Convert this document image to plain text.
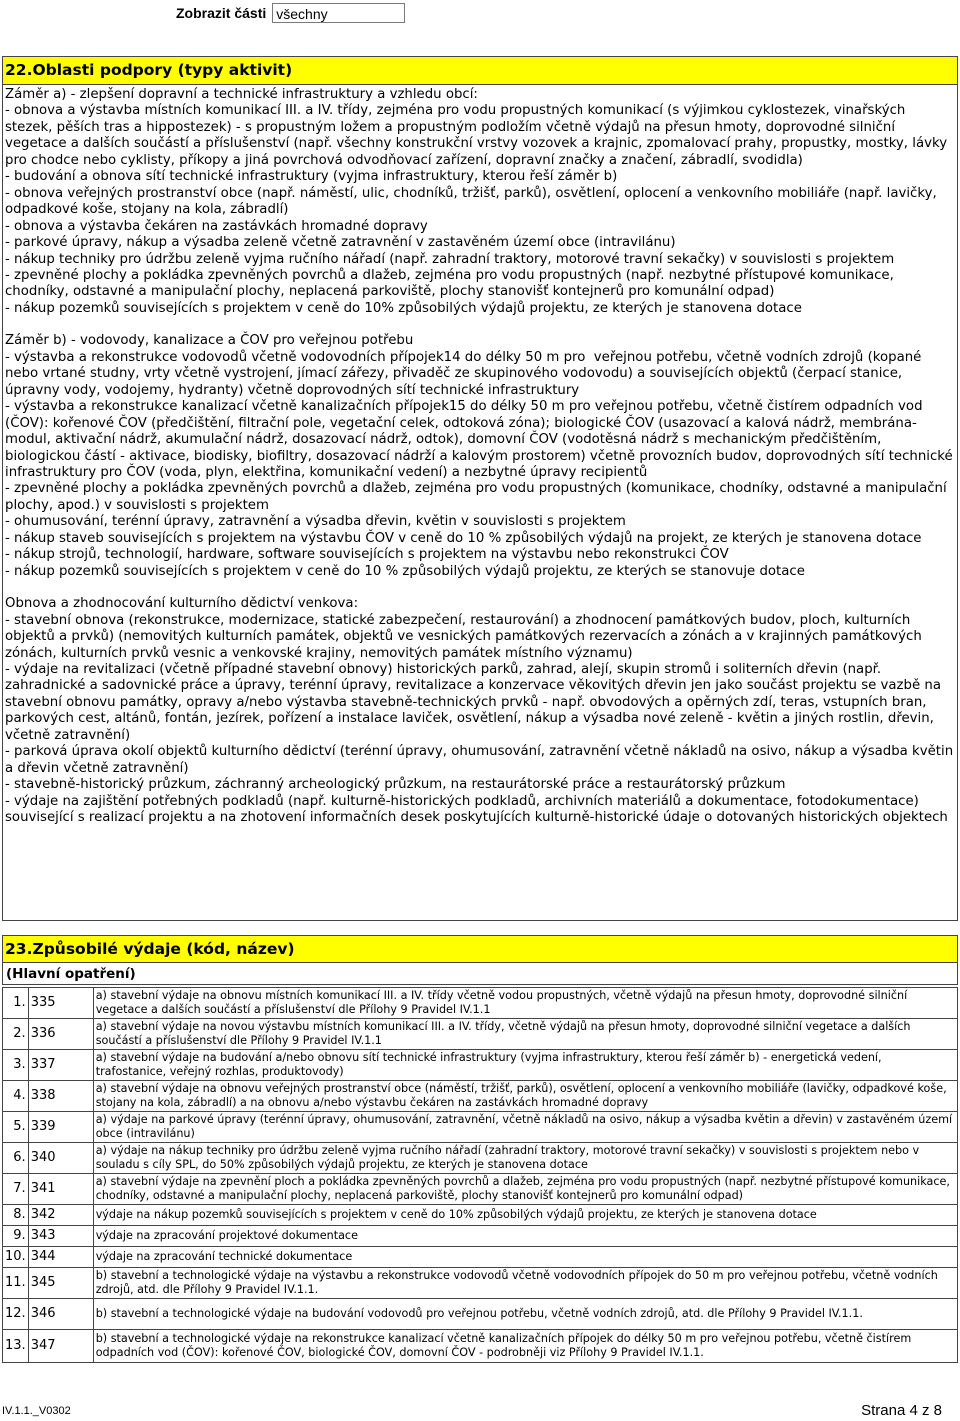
Zobrazit části všechny
22.Oblasti podpory (typy aktivit)

Záměr a) - zlepšení dopravní a technické infrastruktury a vzhledu obcí:
- obnova a výstavba místních komunikací III. a IV. třídy, zejména pro vodu propustných komunikací (s výjimkou cyklostezek, vinařských stezek, pěších tras a hippostezek) - s propustným ložem a propustným podložím včetně výdajů na přesun hmoty, doprovodné silniční vegetace a dalších součástí a příslušenství (např. všechny konstrukční vrstvy vozovek a krajnic, zpomalovací prahy, propustky, mostky, lávky pro chodce nebo cyklisty, příkopy a jiná povrchová odvodňovací zařízení, dopravní značky a značení, zábradlí, svodidla)
- budování a obnova sítí technické infrastruktury (vyjma infrastruktury, kterou řeší záměr b)
- obnova veřejných prostranství obce (např. náměstí, ulic, chodníků, tržišť, parků), osvětlení, oplocení a venkovního mobiliáře (např. lavičky, odpadkové koše, stojany na kola, zábradlí)
- obnova a výstavba čekáren na zastávkách hromadné dopravy
- parkové úpravy, nákup a výsadba zeleně včetně zatravnění v zastavěném území obce (intravilánu)
- nákup techniky pro údržbu zeleně vyjma ručního nářadí (např. zahradní traktory, motorové travní sekačky) v souvislosti s projektem
- zpevněné plochy a pokládka zpevněných povrchů a dlažeb, zejména pro vodu propustných (např. nezbytné přístupové komunikace, chodníky, odstavné a manipulační plochy, neplacená parkoviště, plochy stanovišť kontejnerů pro komunální odpad)
- nákup pozemků souvisejících s projektem v ceně do 10% způsobilých výdajů projektu, ze kterých je stanovena dotace

Záměr b) - vodovody, kanalizace a ČOV pro veřejnou potřebu
- výstavba a rekonstrukce vodovodů včetně vodovodních přípojek14 do délky 50 m pro  veřejnou potřebu, včetně vodních zdrojů (kopané nebo vrtané studny, vrty včetně vystrojení, jímací zářezy, přivaděč ze skupinového vodovodu) a souvisejících objektů (čerpací stanice, úpravny vody, vodojemy, hydranty) včetně doprovodných sítí technické infrastruktury
- výstavba a rekonstrukce kanalizací včetně kanalizačních přípojek15 do délky 50 m pro veřejnou potřebu, včetně čistírem odpadních vod (ČOV): kořenové ČOV (předčištění, filtrační pole, vegetační celek, odtoková zóna); biologické ČOV (usazovací a kalová nádrž, membrána-modul, aktivační nádrž, akumulační nádrž, dosazovací nádrž, odtok), domovní ČOV (vodotěsná nádrž s mechanickým předčištěním, biologickou částí - aktivace, biodisky, biofiltry, dosazovací nádrží a kalovým prostorem) včetně provozních budov, doprovodných sítí technické infrastruktury pro ČOV (voda, plyn, elektřina, komunikační vedení) a nezbytné úpravy recipientů
- zpevněné plochy a pokládka zpevněných povrchů a dlažeb, zejména pro vodu propustných (komunikace, chodníky, odstavné a manipulační plochy, apod.) v souvislosti s projektem
- ohumusování, terénní úpravy, zatravnění a výsadba dřevin, květin v souvislosti s projektem
- nákup staveb souvisejících s projektem na výstavbu ČOV v ceně do 10 % způsobilých výdajů na projekt, ze kterých je stanovena dotace
- nákup strojů, technologií, hardware, software souvisejících s projektem na výstavbu nebo rekonstrukci ČOV
- nákup pozemků souvisejících s projektem v ceně do 10 % způsobilých výdajů projektu, ze kterých se stanovuje dotace

Obnova a zhodnocování kulturního dědictví venkova:
- stavební obnova (rekonstrukce, modernizace, statické zabezpečení, restaurování) a zhodnocení památkových budov, ploch, kulturních objektů a prvků) (nemovitých kulturních památek, objektů ve vesnických památkových rezervacích a zónách a v krajinných památkových zónách, kulturních prvků vesnic a venkovské krajiny, nemovitých památek místního významu)
- výdaje na revitalizaci (včetně případné stavební obnovy) historických parků, zahrad, alejí, skupin stromů i soliterních dřevin (např. zahradnické a sadovnické práce a úpravy, terénní úpravy, revitalizace a konzervace věkovitých dřevin jen jako součást projektu se vazbě na stavební obnovu památky, opravy a/nebo výstavba stavebně-technických prvků - např. obvodových a opěrných zdí, teras, vstupních bran, parkových cest, altánů, fontán, jezírek, pořízení a instalace laviček, osvětlení, nákup a výsadba nové zeleně - květin a jiných rostlin, dřevin, včetně zatravnění)
- parková úprava okolí objektů kulturního dědictví (terénní úpravy, ohumusování, zatravnění včetně nákladů na osivo, nákup a výsadba květin a dřevin včetně zatravnění)
- stavebně-historický průzkum, záchranný archeologický průzkum, na restaurátorské práce a restaurátorský průzkum
- výdaje na zajištění potřebných podkladů (např. kulturně-historických podkladů, archivních materiálů a dokumentace, fotodokumentace) související s realizací projektu a na zhotovení informačních desek poskytujících kulturně-historické údaje o dotovaných historických objektech

23.Způsobilé výdaje (kód, název)
(Hlavní opatření)
1.	335	a) stavební výdaje na obnovu místních komunikací III. a IV. třídy včetně vodou propustných, včetně výdajů na přesun hmoty, doprovodné silniční vegetace a dalších součástí a příslušenství dle Přílohy 9 Pravidel IV.1.1
2.	336	a) stavební výdaje na novou výstavbu místních komunikací III. a IV. třídy, včetně výdajů na přesun hmoty, doprovodné silniční vegetace a dalších součástí a příslušenství dle Přílohy 9 Pravidel IV.1.1
3.	337	a) stavební výdaje na budování a/nebo obnovu sítí technické infrastruktury (vyjma infrastruktury, kterou řeší záměr b) - energetická vedení, trafostanice, veřejný rozhlas, produktovody)
4.	338	a) stavební výdaje na obnovu veřejných prostranství obce (náměstí, tržišť, parků), osvětlení, oplocení a venkovního mobiliáře (lavičky, odpadkové koše, stojany na kola, zábradlí) a na obnovu a/nebo výstavbu čekáren na zastávkách hromadné dopravy
5.	339	a) výdaje na parkové úpravy (terénní úpravy, ohumusování, zatravnění, včetně nákladů na osivo, nákup a výsadba květin a dřevin) v zastavěném území obce (intravilánu)
6.	340	a) výdaje na nákup techniky pro údržbu zeleně vyjma ručního nářadí (zahradní traktory, motorové travní sekačky) v souvislosti s projektem nebo v souladu s cíly SPL, do 50% způsobilých výdajů projektu, ze kterých je stanovena dotace
7.	341	a) stavební výdaje na zpevnění ploch a pokládka zpevněných povrchů a dlažeb, zejména pro vodu propustných (např. nezbytné přístupové komunikace, chodníky, odstavné a manipulační plochy, neplacená parkoviště, plochy stanovišť kontejnerů pro komunální odpad)
8.	342	výdaje na nákup pozemků souvisejících s projektem v ceně do 10% způsobilých výdajů projektu, ze kterých je stanovena dotace
9.	343	výdaje na zpracování projektové dokumentace
10.	344	výdaje na zpracování technické dokumentace
11.	345	b) stavební a technologické výdaje na výstavbu a rekonstrukce vodovodů včetně vodovodních přípojek do 50 m pro veřejnou potřebu, včetně vodních zdrojů, atd. dle Přílohy 9 Pravidel IV.1.1.
12.	346	b) stavební a technologické výdaje na budování vodovodů pro veřejnou potřebu, včetně vodních zdrojů, atd. dle Přílohy 9 Pravidel IV.1.1.
13.	347	b) stavební a technologické výdaje na rekonstrukce kanalizací včetně kanalizačních přípojek do délky 50 m pro veřejnou potřebu, včetně čistírem odpadních vod (ČOV): kořenové ČOV, biologické ČOV, domovní ČOV - podrobněji viz Přílohy 9 Pravidel IV.1.1.
IV.1.1._V0302	Strana 4 z 8
